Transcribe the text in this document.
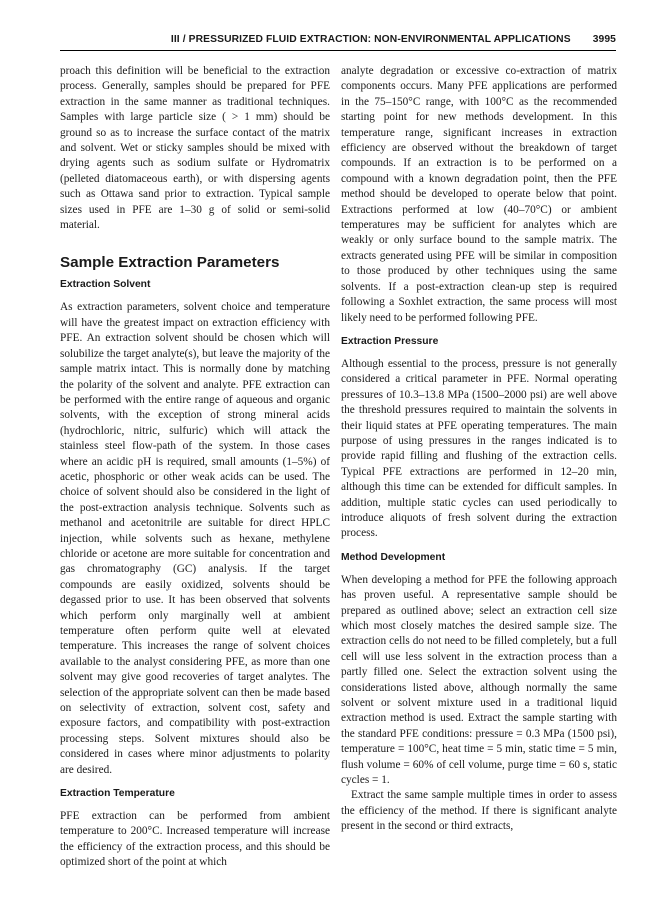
III / PRESSURIZED FLUID EXTRACTION: NON-ENVIRONMENTAL APPLICATIONS 3995

proach this definition will be beneficial to the extraction process. Generally, samples should be prepared for PFE extraction in the same manner as traditional techniques. Samples with large particle size ( > 1 mm) should be ground so as to increase the surface contact of the matrix and solvent. Wet or sticky samples should be mixed with drying agents such as sodium sulfate or Hydromatrix (pelleted diatomaceous earth), or with dispersing agents such as Ottawa sand prior to extraction. Typical sample sizes used in PFE are 1–30 g of solid or semi-solid material.

Sample Extraction Parameters
Extraction Solvent

As extraction parameters, solvent choice and temperature will have the greatest impact on extraction efficiency with PFE. An extraction solvent should be chosen which will solubilize the target analyte(s), but leave the majority of the sample matrix intact. This is normally done by matching the polarity of the solvent and analyte. PFE extraction can be performed with the entire range of aqueous and organic solvents, with the exception of strong mineral acids (hydrochloric, nitric, sulfuric) which will attack the stainless steel flow-path of the system. In those cases where an acidic pH is required, small amounts (1–5%) of acetic, phosphoric or other weak acids can be used. The choice of solvent should also be considered in the light of the post-extraction analysis technique. Solvents such as methanol and acetonitrile are suitable for direct HPLC injection, while solvents such as hexane, methylene chloride or acetone are more suitable for concentration and gas chromatography (GC) analysis. If the target compounds are easily oxidized, solvents should be degassed prior to use. It has been observed that solvents which perform only marginally well at ambient temperature often perform quite well at elevated temperature. This increases the range of solvent choices available to the analyst considering PFE, as more than one solvent may give good recoveries of target analytes. The selection of the appropriate solvent can then be made based on selectivity of extraction, solvent cost, safety and exposure factors, and compatibility with post-extraction processing steps. Solvent mixtures should also be considered in cases where minor adjustments to polarity are desired.

Extraction Temperature

PFE extraction can be performed from ambient temperature to 200°C. Increased temperature will increase the efficiency of the extraction process, and this should be optimized short of the point at which

analyte degradation or excessive co-extraction of matrix components occurs. Many PFE applications are performed in the 75–150°C range, with 100°C as the recommended starting point for new methods development. In this temperature range, significant increases in extraction efficiency are observed without the breakdown of target compounds. If an extraction is to be performed on a compound with a known degradation point, then the PFE method should be developed to operate below that point. Extractions performed at low (40–70°C) or ambient temperatures may be sufficient for analytes which are weakly or only surface bound to the sample matrix. The extracts generated using PFE will be similar in composition to those produced by other techniques using the same solvents. If a post-extraction clean-up step is required following a Soxhlet extraction, the same process will most likely need to be performed following PFE.

Extraction Pressure

Although essential to the process, pressure is not generally considered a critical parameter in PFE. Normal operating pressures of 10.3–13.8 MPa (1500–2000 psi) are well above the threshold pressures required to maintain the solvents in their liquid states at PFE operating temperatures. The main purpose of using pressures in the ranges indicated is to provide rapid filling and flushing of the extraction cells. Typical PFE extractions are performed in 12–20 min, although this time can be extended for difficult samples. In addition, multiple static cycles can used periodically to introduce aliquots of fresh solvent during the extraction process.

Method Development

When developing a method for PFE the following approach has proven useful. A representative sample should be prepared as outlined above; select an extraction cell size which most closely matches the desired sample size. The extraction cells do not need to be filled completely, but a full cell will use less solvent in the extraction process than a partly filled one. Select the extraction solvent using the considerations listed above, although normally the same solvent or solvent mixture used in a traditional liquid extraction method is used. Extract the sample starting with the standard PFE conditions: pressure = 0.3 MPa (1500 psi), temperature = 100°C, heat time = 5 min, static time = 5 min, flush volume = 60% of cell volume, purge time = 60 s, static cycles = 1.

Extract the same sample multiple times in order to assess the efficiency of the method. If there is significant analyte present in the second or third extracts,
